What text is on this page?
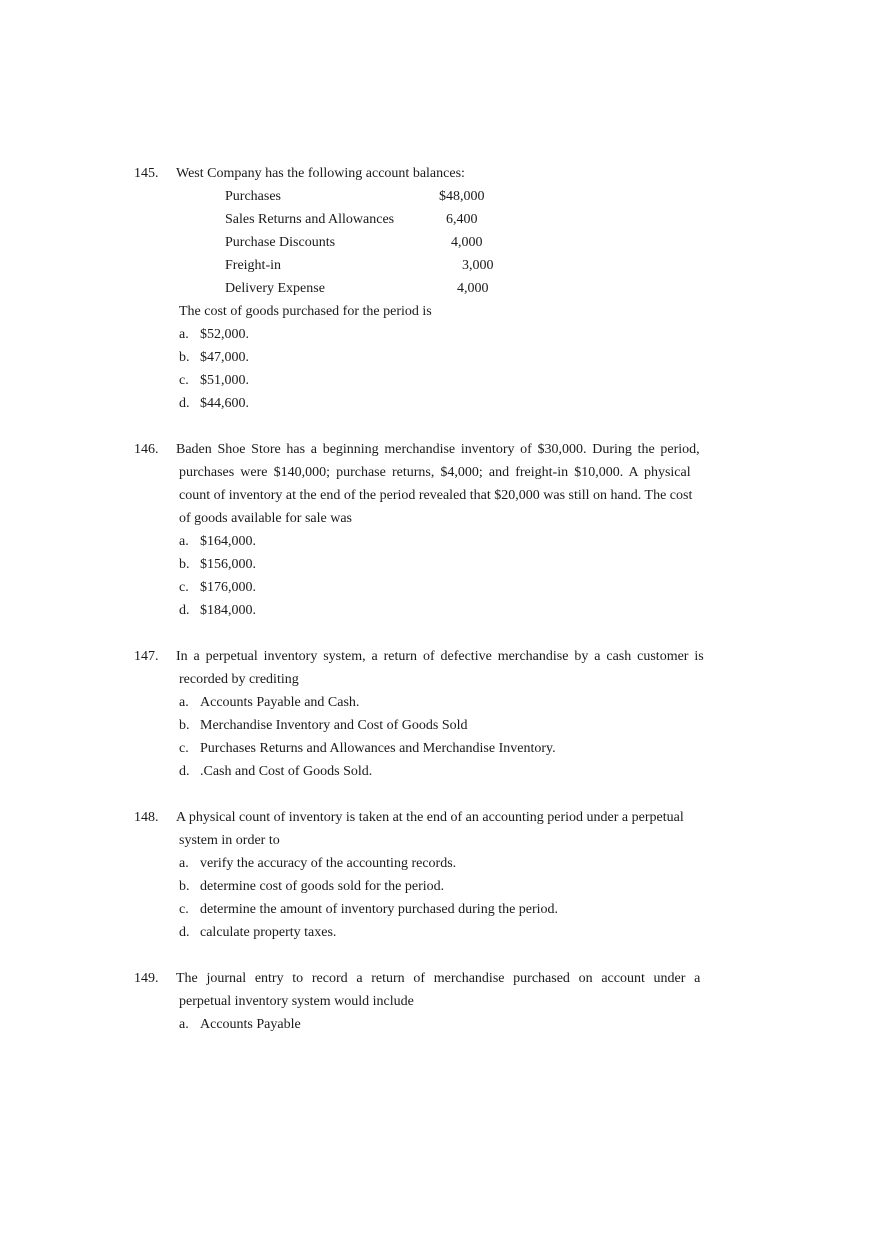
145. West Company has the following account balances:
Purchases	$48,000
Sales Returns and Allowances	6,400
Purchase Discounts	4,000
Freight-in	3,000
Delivery Expense	4,000
The cost of goods purchased for the period is
a. $52,000.
b. $47,000.
c. $51,000.
d. $44,600.
146. Baden Shoe Store has a beginning merchandise inventory of $30,000. During the period,
purchases were $140,000; purchase returns, $4,000; and freight-in $10,000. A physical
count of inventory at the end of the period revealed that $20,000 was still on hand. The cost
of goods available for sale was
a. $164,000.
b. $156,000.
c. $176,000.
d. $184,000.
147. In a perpetual inventory system, a return of defective merchandise by a cash customer is
recorded by crediting
a. Accounts Payable and Cash.
b. Merchandise Inventory and Cost of Goods Sold
c. Purchases Returns and Allowances and Merchandise Inventory.
d. .Cash and Cost of Goods Sold.
148. A physical count of inventory is taken at the end of an accounting period under a perpetual
system in order to
a. verify the accuracy of the accounting records.
b. determine cost of goods sold for the period.
c. determine the amount of inventory purchased during the period.
d. calculate property taxes.
149. The journal entry to record a return of merchandise purchased on account under a
perpetual inventory system would include
a. Accounts Payable
